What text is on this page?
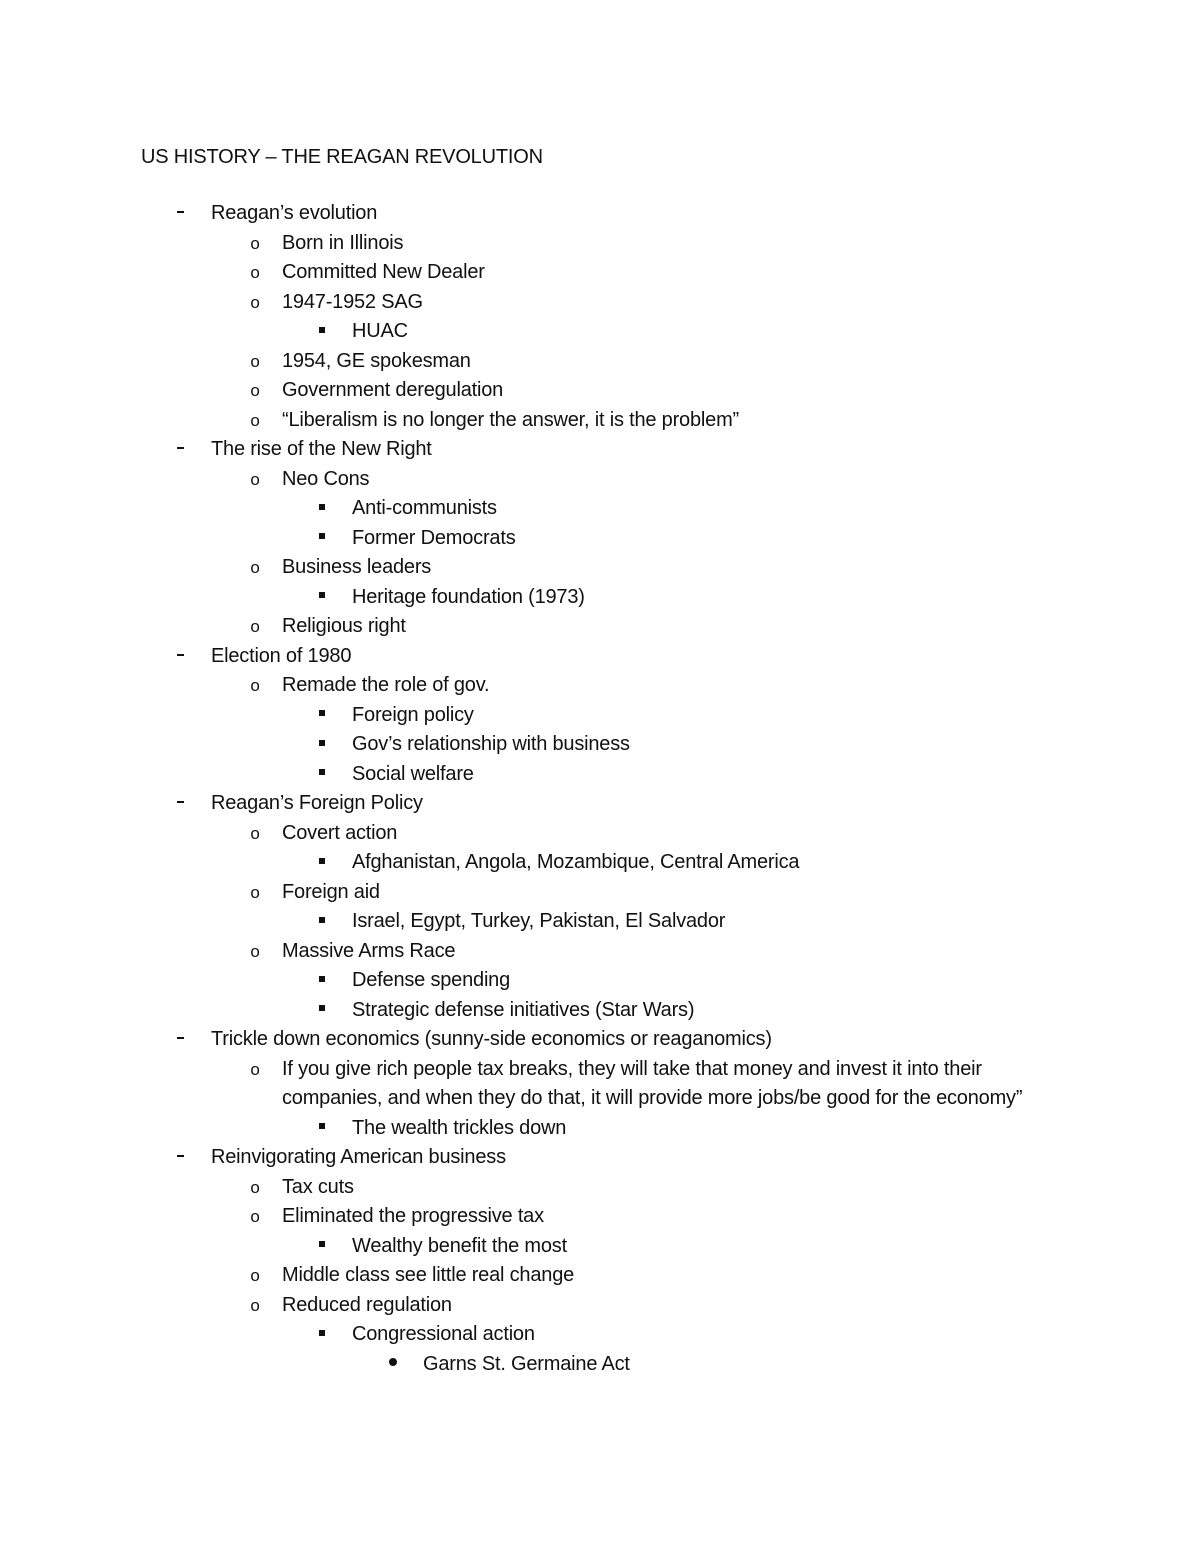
US HISTORY – THE REAGAN REVOLUTION
Reagan’s evolution
o	Born in Illinois
o	Committed New Dealer
o	1947-1952 SAG
HUAC
o	1954, GE spokesman
o	Government deregulation
o	“Liberalism is no longer the answer, it is the problem”
The rise of the New Right
o	Neo Cons
Anti-communists
Former Democrats
o	Business leaders
Heritage foundation (1973)
o	Religious right
Election of 1980
o	Remade the role of gov.
Foreign policy
Gov’s relationship with business
Social welfare
Reagan’s Foreign Policy
o	Covert action
Afghanistan, Angola, Mozambique, Central America
o	Foreign aid
Israel, Egypt, Turkey, Pakistan, El Salvador
o	Massive Arms Race
Defense spending
Strategic defense initiatives (Star Wars)
Trickle down economics (sunny-side economics or reaganomics)
o	If you give rich people tax breaks, they will take that money and invest it into their companies, and when they do that, it will provide more jobs/be good for the economy”
The wealth trickles down
Reinvigorating American business
o	Tax cuts
o	Eliminated the progressive tax
Wealthy benefit the most
o	Middle class see little real change
o	Reduced regulation
Congressional action
Garns St. Germaine Act
